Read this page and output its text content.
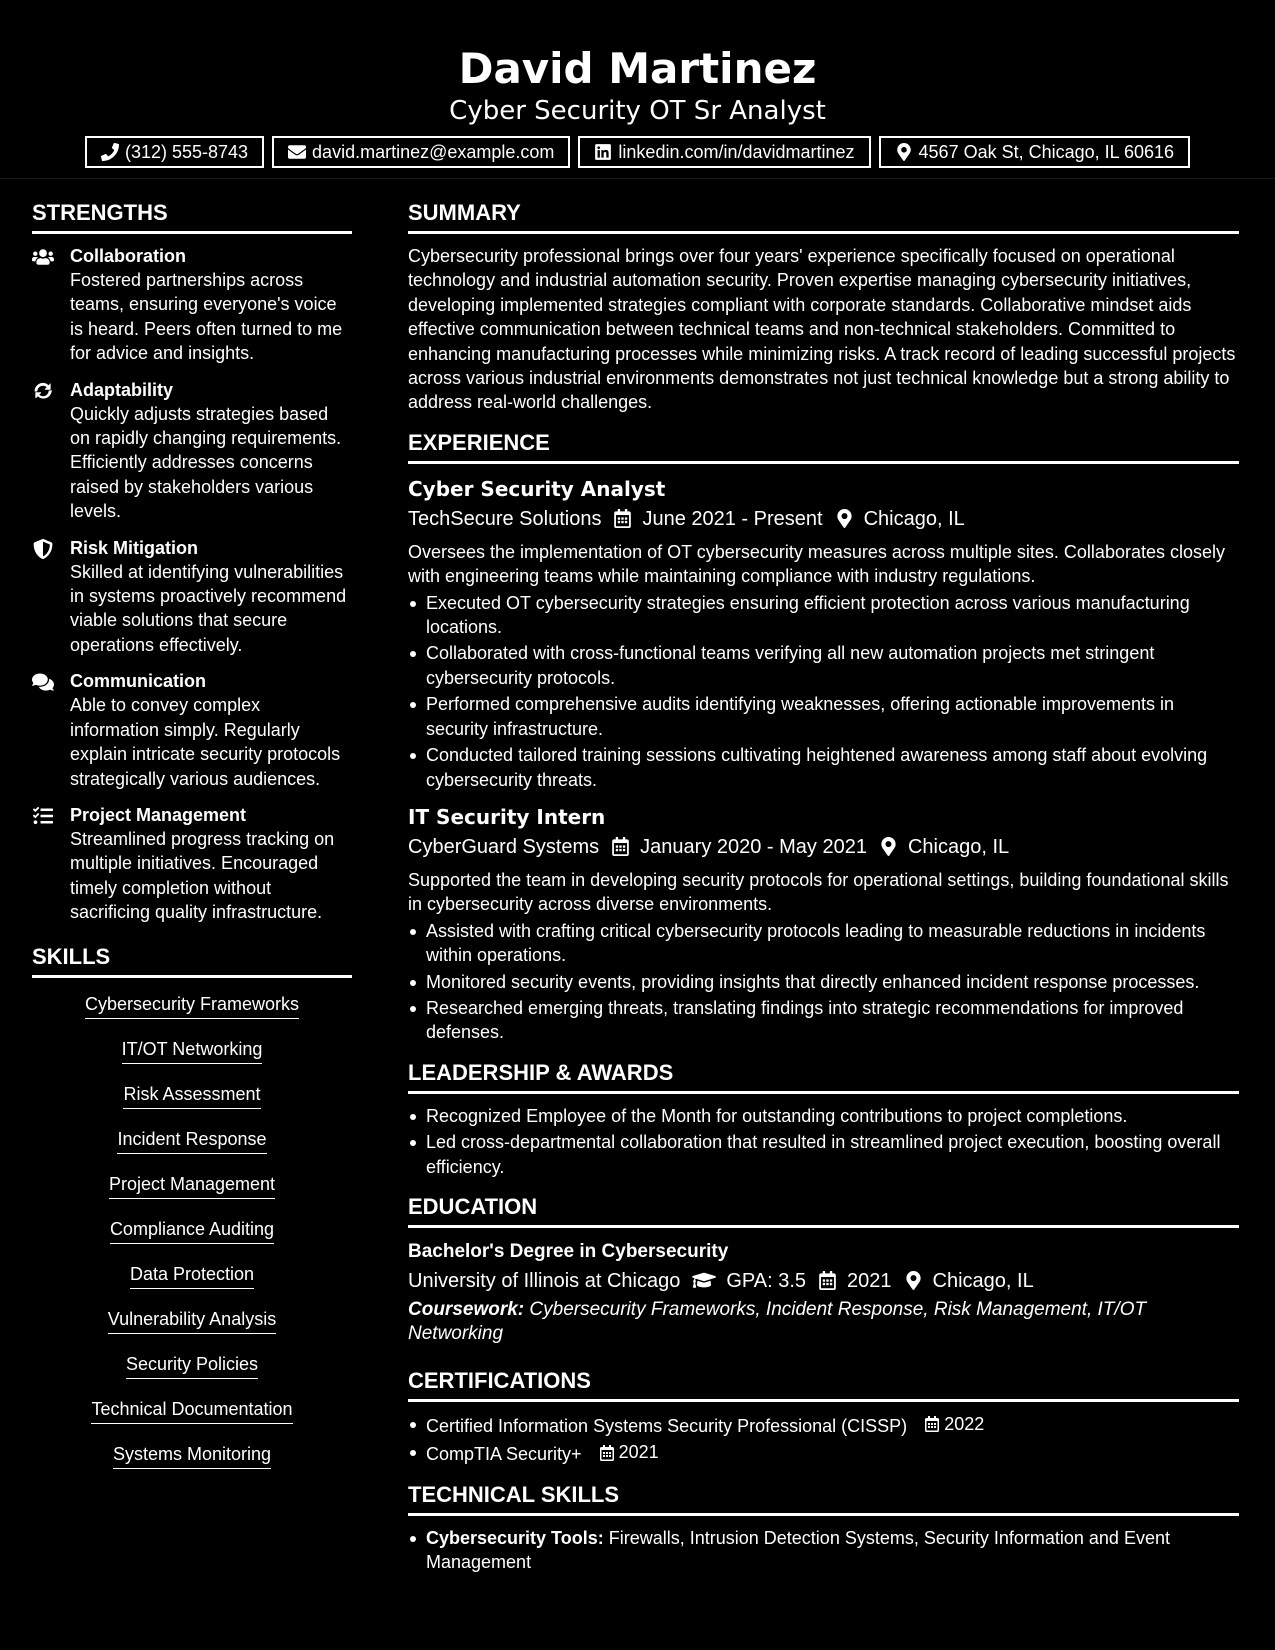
David Martinez
Cyber Security OT Sr Analyst
(312) 555-8743	david.martinez@example.com	linkedin.com/in/davidmartinez	4567 Oak St, Chicago, IL 60616
STRENGTHS
Collaboration
Fostered partnerships across teams, ensuring everyone's voice is heard. Peers often turned to me for advice and insights.
Adaptability
Quickly adjusts strategies based on rapidly changing requirements. Efficiently addresses concerns raised by stakeholders various levels.
Risk Mitigation
Skilled at identifying vulnerabilities in systems proactively recommend viable solutions that secure operations effectively.
Communication
Able to convey complex information simply. Regularly explain intricate security protocols strategically various audiences.
Project Management
Streamlined progress tracking on multiple initiatives. Encouraged timely completion without sacrificing quality infrastructure.
SKILLS
Cybersecurity Frameworks
IT/OT Networking
Risk Assessment
Incident Response
Project Management
Compliance Auditing
Data Protection
Vulnerability Analysis
Security Policies
Technical Documentation
Systems Monitoring
SUMMARY
Cybersecurity professional brings over four years' experience specifically focused on operational technology and industrial automation security. Proven expertise managing cybersecurity initiatives, developing implemented strategies compliant with corporate standards. Collaborative mindset aids effective communication between technical teams and non-technical stakeholders. Committed to enhancing manufacturing processes while minimizing risks. A track record of leading successful projects across various industrial environments demonstrates not just technical knowledge but a strong ability to address real-world challenges.
EXPERIENCE
Cyber Security Analyst
TechSecure Solutions June 2021 - Present Chicago, IL
Oversees the implementation of OT cybersecurity measures across multiple sites. Collaborates closely with engineering teams while maintaining compliance with industry regulations.
Executed OT cybersecurity strategies ensuring efficient protection across various manufacturing locations.
Collaborated with cross-functional teams verifying all new automation projects met stringent cybersecurity protocols.
Performed comprehensive audits identifying weaknesses, offering actionable improvements in security infrastructure.
Conducted tailored training sessions cultivating heightened awareness among staff about evolving cybersecurity threats.
IT Security Intern
CyberGuard Systems January 2020 - May 2021 Chicago, IL
Supported the team in developing security protocols for operational settings, building foundational skills in cybersecurity across diverse environments.
Assisted with crafting critical cybersecurity protocols leading to measurable reductions in incidents within operations.
Monitored security events, providing insights that directly enhanced incident response processes.
Researched emerging threats, translating findings into strategic recommendations for improved defenses.
LEADERSHIP & AWARDS
Recognized Employee of the Month for outstanding contributions to project completions.
Led cross-departmental collaboration that resulted in streamlined project execution, boosting overall efficiency.
EDUCATION
Bachelor's Degree in Cybersecurity
University of Illinois at Chicago GPA: 3.5 2021 Chicago, IL
Coursework: Cybersecurity Frameworks, Incident Response, Risk Management, IT/OT Networking
CERTIFICATIONS
Certified Information Systems Security Professional (CISSP) 2022
CompTIA Security+ 2021
TECHNICAL SKILLS
Cybersecurity Tools: Firewalls, Intrusion Detection Systems, Security Information and Event Management
